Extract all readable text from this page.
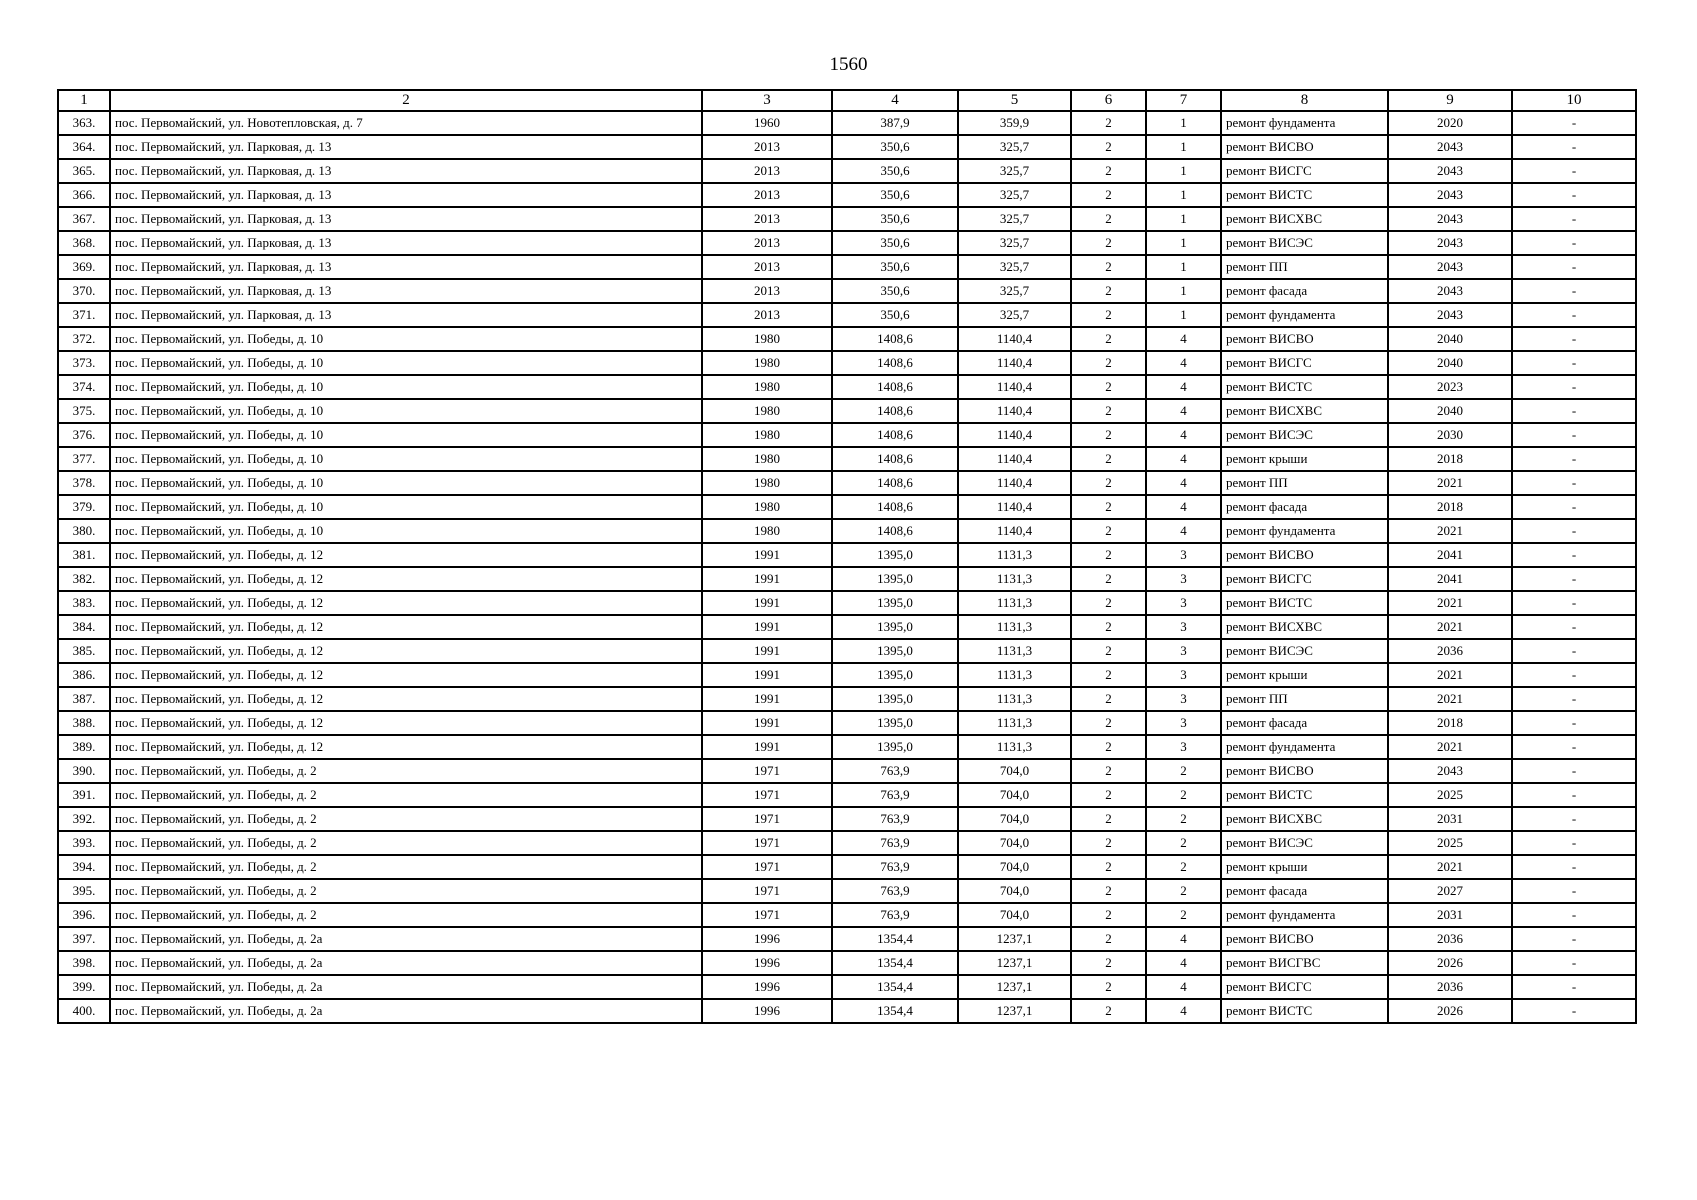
1560
1	2	3	4	5	6	7	8	9	10
363.	пос. Первомайский, ул. Новотепловская, д. 7	1960	387,9	359,9	2	1	ремонт фундамента	2020	-
364.	пос. Первомайский, ул. Парковая, д. 13	2013	350,6	325,7	2	1	ремонт ВИСВО	2043	-
365.	пос. Первомайский, ул. Парковая, д. 13	2013	350,6	325,7	2	1	ремонт ВИСГС	2043	-
366.	пос. Первомайский, ул. Парковая, д. 13	2013	350,6	325,7	2	1	ремонт ВИСТС	2043	-
367.	пос. Первомайский, ул. Парковая, д. 13	2013	350,6	325,7	2	1	ремонт ВИСХВС	2043	-
368.	пос. Первомайский, ул. Парковая, д. 13	2013	350,6	325,7	2	1	ремонт ВИСЭС	2043	-
369.	пос. Первомайский, ул. Парковая, д. 13	2013	350,6	325,7	2	1	ремонт ПП	2043	-
370.	пос. Первомайский, ул. Парковая, д. 13	2013	350,6	325,7	2	1	ремонт фасада	2043	-
371.	пос. Первомайский, ул. Парковая, д. 13	2013	350,6	325,7	2	1	ремонт фундамента	2043	-
372.	пос. Первомайский, ул. Победы, д. 10	1980	1408,6	1140,4	2	4	ремонт ВИСВО	2040	-
373.	пос. Первомайский, ул. Победы, д. 10	1980	1408,6	1140,4	2	4	ремонт ВИСГС	2040	-
374.	пос. Первомайский, ул. Победы, д. 10	1980	1408,6	1140,4	2	4	ремонт ВИСТС	2023	-
375.	пос. Первомайский, ул. Победы, д. 10	1980	1408,6	1140,4	2	4	ремонт ВИСХВС	2040	-
376.	пос. Первомайский, ул. Победы, д. 10	1980	1408,6	1140,4	2	4	ремонт ВИСЭС	2030	-
377.	пос. Первомайский, ул. Победы, д. 10	1980	1408,6	1140,4	2	4	ремонт крыши	2018	-
378.	пос. Первомайский, ул. Победы, д. 10	1980	1408,6	1140,4	2	4	ремонт ПП	2021	-
379.	пос. Первомайский, ул. Победы, д. 10	1980	1408,6	1140,4	2	4	ремонт фасада	2018	-
380.	пос. Первомайский, ул. Победы, д. 10	1980	1408,6	1140,4	2	4	ремонт фундамента	2021	-
381.	пос. Первомайский, ул. Победы, д. 12	1991	1395,0	1131,3	2	3	ремонт ВИСВО	2041	-
382.	пос. Первомайский, ул. Победы, д. 12	1991	1395,0	1131,3	2	3	ремонт ВИСГС	2041	-
383.	пос. Первомайский, ул. Победы, д. 12	1991	1395,0	1131,3	2	3	ремонт ВИСТС	2021	-
384.	пос. Первомайский, ул. Победы, д. 12	1991	1395,0	1131,3	2	3	ремонт ВИСХВС	2021	-
385.	пос. Первомайский, ул. Победы, д. 12	1991	1395,0	1131,3	2	3	ремонт ВИСЭС	2036	-
386.	пос. Первомайский, ул. Победы, д. 12	1991	1395,0	1131,3	2	3	ремонт крыши	2021	-
387.	пос. Первомайский, ул. Победы, д. 12	1991	1395,0	1131,3	2	3	ремонт ПП	2021	-
388.	пос. Первомайский, ул. Победы, д. 12	1991	1395,0	1131,3	2	3	ремонт фасада	2018	-
389.	пос. Первомайский, ул. Победы, д. 12	1991	1395,0	1131,3	2	3	ремонт фундамента	2021	-
390.	пос. Первомайский, ул. Победы, д. 2	1971	763,9	704,0	2	2	ремонт ВИСВО	2043	-
391.	пос. Первомайский, ул. Победы, д. 2	1971	763,9	704,0	2	2	ремонт ВИСТС	2025	-
392.	пос. Первомайский, ул. Победы, д. 2	1971	763,9	704,0	2	2	ремонт ВИСХВС	2031	-
393.	пос. Первомайский, ул. Победы, д. 2	1971	763,9	704,0	2	2	ремонт ВИСЭС	2025	-
394.	пос. Первомайский, ул. Победы, д. 2	1971	763,9	704,0	2	2	ремонт крыши	2021	-
395.	пос. Первомайский, ул. Победы, д. 2	1971	763,9	704,0	2	2	ремонт фасада	2027	-
396.	пос. Первомайский, ул. Победы, д. 2	1971	763,9	704,0	2	2	ремонт фундамента	2031	-
397.	пос. Первомайский, ул. Победы, д. 2а	1996	1354,4	1237,1	2	4	ремонт ВИСВО	2036	-
398.	пос. Первомайский, ул. Победы, д. 2а	1996	1354,4	1237,1	2	4	ремонт ВИСГВС	2026	-
399.	пос. Первомайский, ул. Победы, д. 2а	1996	1354,4	1237,1	2	4	ремонт ВИСГС	2036	-
400.	пос. Первомайский, ул. Победы, д. 2а	1996	1354,4	1237,1	2	4	ремонт ВИСТС	2026	-
